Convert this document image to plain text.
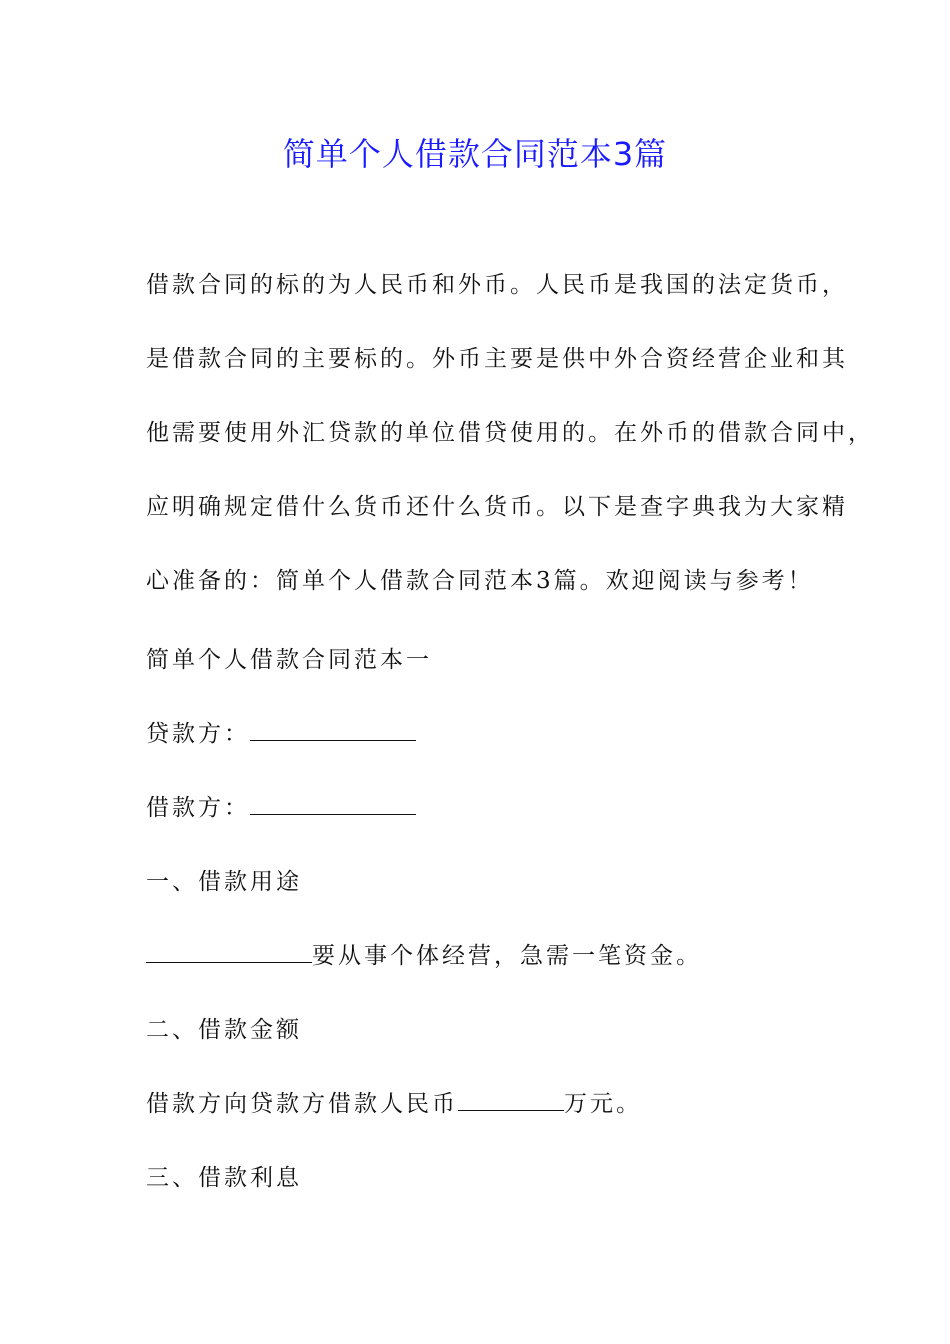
简单个人借款合同范本3篇
借款合同的标的为人民币和外币。人民币是我国的法定货币，
是借款合同的主要标的。外币主要是供中外合资经营企业和其
他需要使用外汇贷款的单位借贷使用的。在外币的借款合同中，
应明确规定借什么货币还什么货币。以下是查字典我为大家精
心准备的：简单个人借款合同范本3篇。欢迎阅读与参考！
简单个人借款合同范本一
贷款方：
借款方：
一、借款用途
要从事个体经营，急需一笔资金。
二、借款金额
借款方向贷款方借款人民币	万元。
三、借款利息
